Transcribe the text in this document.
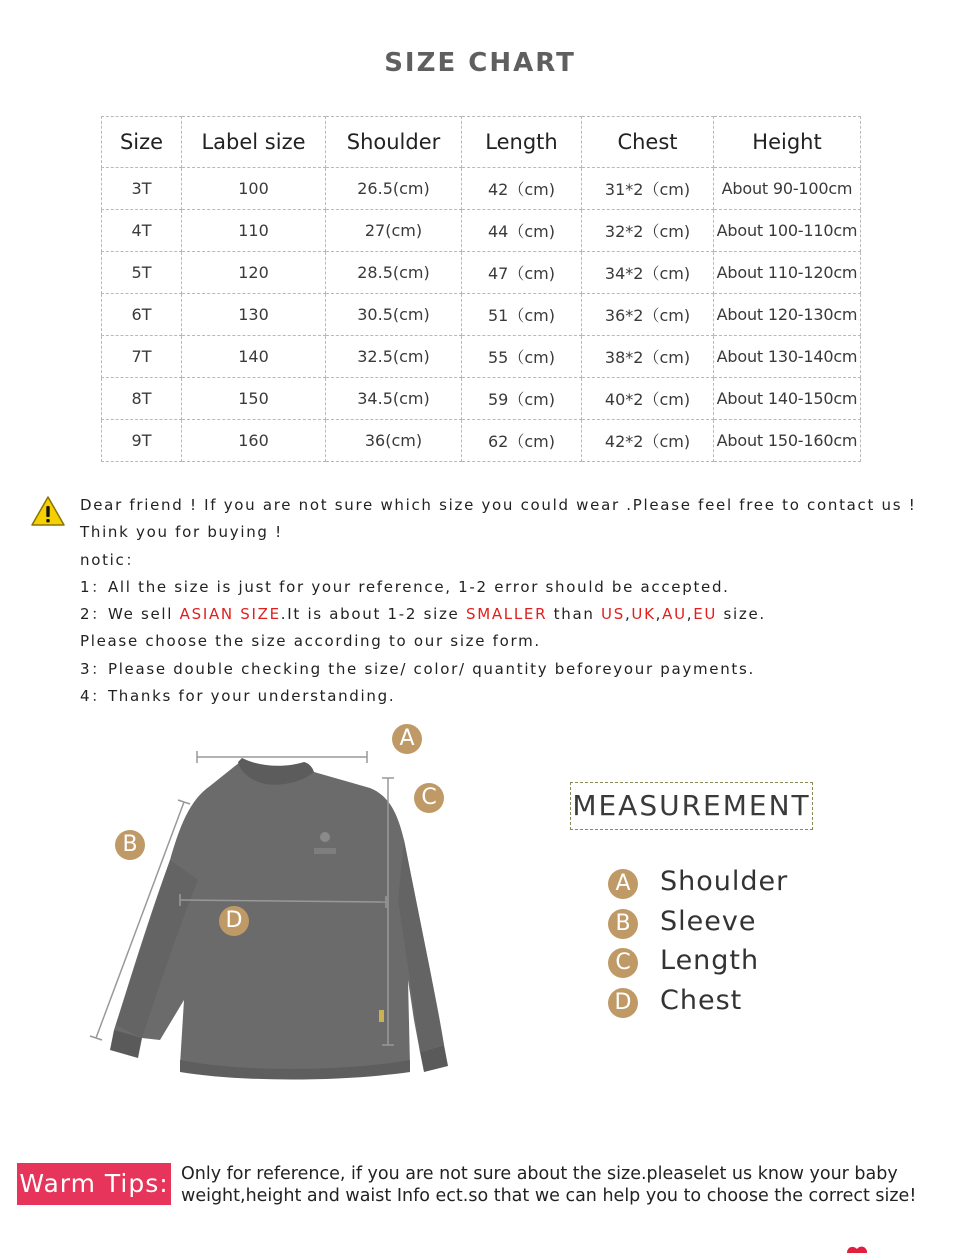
SIZE CHART
Size	Label size	Shoulder	Length	Chest	Height
3T	100	26.5(cm)	42（cm)	31*2（cm)	About 90-100cm
4T	110	27(cm)	44（cm)	32*2（cm)	About 100-110cm
5T	120	28.5(cm)	47（cm)	34*2（cm)	About 110-120cm
6T	130	30.5(cm)	51（cm)	36*2（cm)	About 120-130cm
7T	140	32.5(cm)	55（cm)	38*2（cm)	About 130-140cm
8T	150	34.5(cm)	59（cm)	40*2（cm)	About 140-150cm
9T	160	36(cm)	62（cm)	42*2（cm)	About 150-160cm
Dear friend ! If you are not sure which size you could wear .Please feel free to contact us !
Think you for buying !
notic：
1：All the size is just for your reference, 1-2 error should be accepted.
2：We sell ASIAN SIZE.It is about 1-2 size SMALLER than US,UK,AU,EU size.
Please choose the size according to our size form.
3：Please double checking the size/ color/ quantity beforeyour payments.
4：Thanks for your understanding.
A
C
B
D
MEASUREMENT
A Shoulder
B Sleeve
C Length
D Chest
Warm Tips: Only for reference, if you are not sure about the size.pleaselet us know your baby
weight,height and waist Info ect.so that we can help you to choose the correct size!
